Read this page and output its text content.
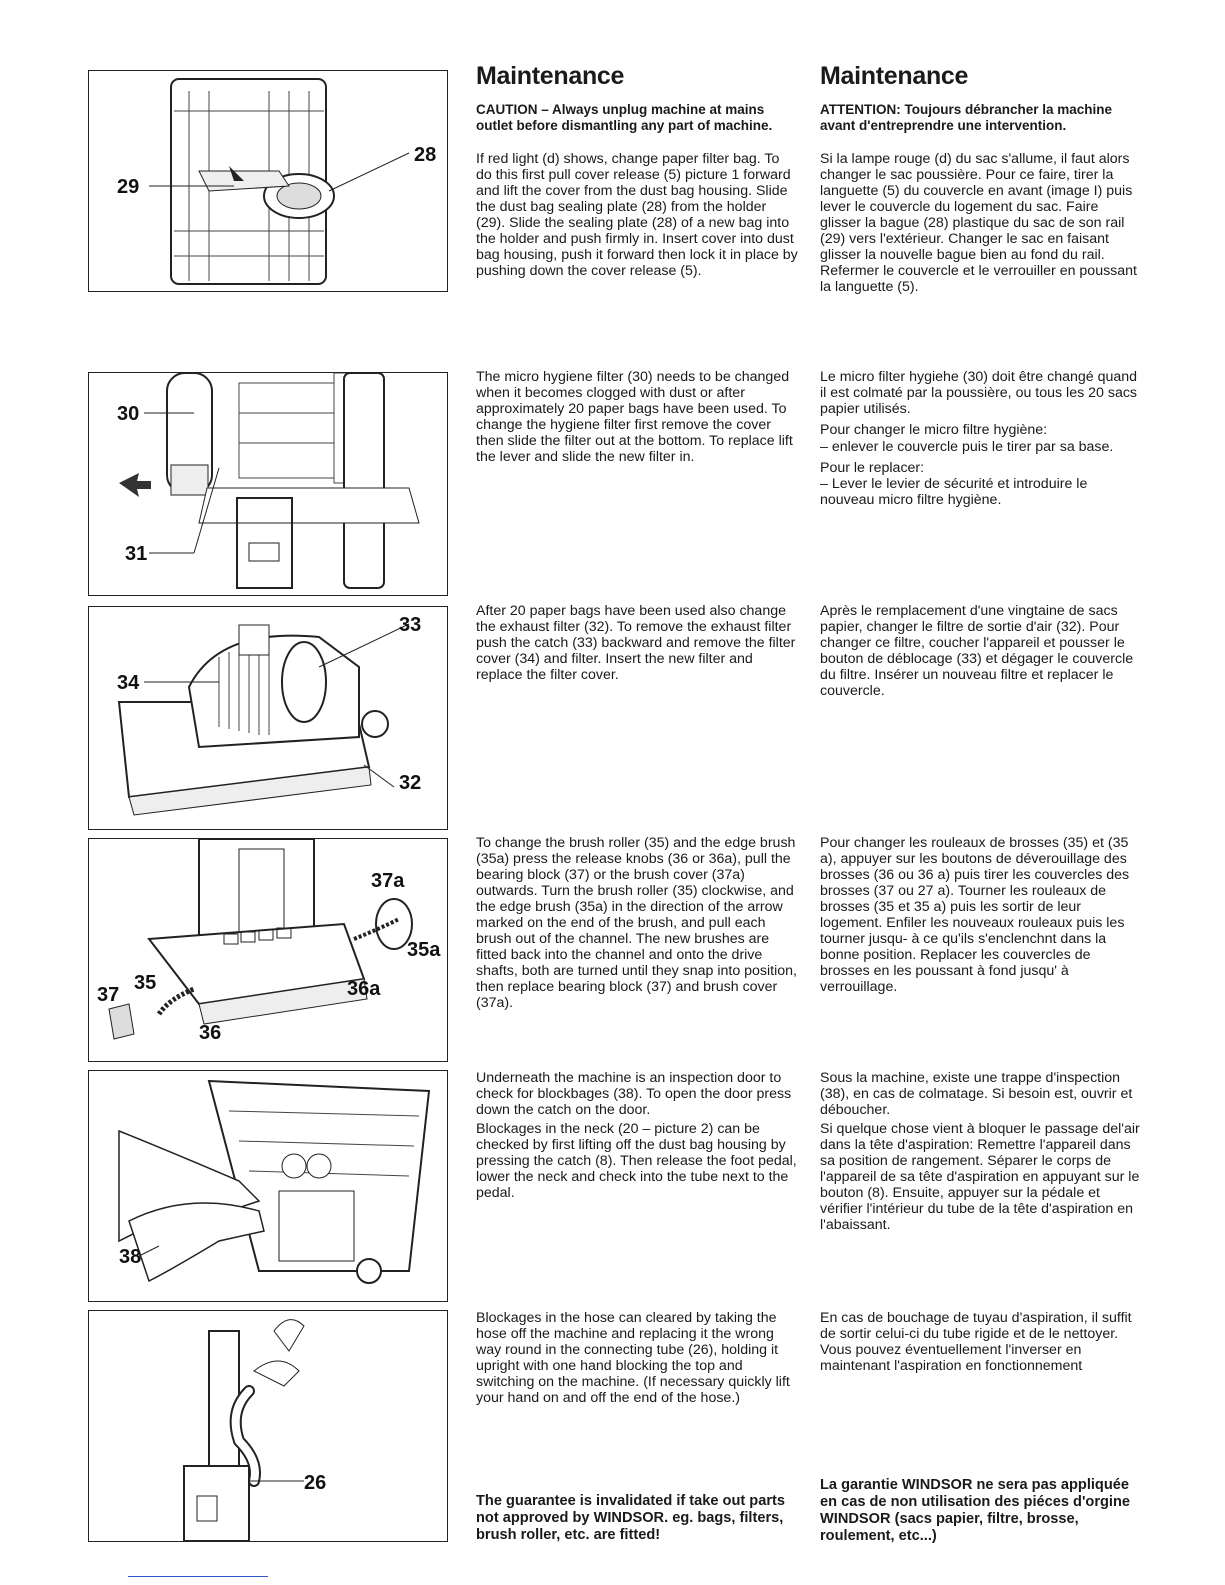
29
28
30
31
33
34
32
37a
35a
36a
37
35
36
38
26
Maintenance

CAUTION – Always unplug machine at mains outlet before dismantling any part of machine.

If red light (d) shows, change paper filter bag. To do this first pull cover release (5) picture 1 forward and lift the cover from the dust bag housing. Slide the dust bag sealing plate (28) from the holder (29). Slide the sealing plate (28) of a new bag into the holder and push firmly in. Insert cover into dust bag housing, push it forward then lock it in place by pushing down the cover release (5).

The micro hygiene filter (30) needs to be changed when it becomes clogged with dust or after approximately 20 paper bags have been used. To change the hygiene filter first remove the cover then slide the filter out at the bottom. To replace lift the lever and slide the new filter in.

After 20 paper bags have been used also change the exhaust filter (32). To remove the exhaust filter push the catch (33) backward and remove the filter cover (34) and filter. Insert the new filter and replace the filter cover.

To change the brush roller (35) and the edge brush (35a) press the release knobs (36 or 36a), pull the bearing block (37) or the brush cover (37a) outwards. Turn the brush roller (35) clockwise, and the edge brush (35a) in the direction of the arrow marked on the end of the brush, and pull each brush out of the channel. The new brushes are fitted back into the channel and onto the drive shafts, both are turned until they snap into position, then replace bearing block (37) and brush cover (37a).

Underneath the machine is an inspection door to check for blockbages (38). To open the door press down the catch on the door.

Blockages in the neck (20 – picture 2) can be checked by first lifting off the dust bag housing by pressing the catch (8). Then release the foot pedal, lower the neck and check into the tube next to the pedal.

Blockages in the hose can cleared by taking the hose off the machine and replacing it the wrong way round in the connecting tube (26), holding it upright with one hand blocking the top and switching on the machine. (If necessary quickly lift your hand on and off the end of the hose.)

The guarantee is invalidated if take out parts not approved by WINDSOR. eg. bags, filters, brush roller, etc. are fitted!

Maintenance

ATTENTION: Toujours débrancher la machine avant d'entreprendre une intervention.

Si la lampe rouge (d) du sac s'allume, il faut alors changer le sac poussière. Pour ce faire, tirer la languette (5) du couvercle en avant (image I) puis lever le couvercle du logement du sac. Faire glisser la bague (28) plastique du sac de son rail (29) vers l'extérieur. Changer le sac en faisant glisser la nouvelle bague bien au fond du rail. Refermer le couvercle et le verrouiller en poussant la languette (5).

Le micro filter hygiehe (30) doit être changé quand il est colmaté par la poussière, ou tous les 20 sacs papier utilisés.

Pour changer le micro filtre hygiène:

– enlever le couvercle puis le tirer par sa base.

Pour le replacer:

– Lever le levier de sécurité et introduire le nouveau micro filtre hygiène.

Après le remplacement d'une vingtaine de sacs papier, changer le filtre de sortie d'air (32). Pour changer ce filtre, coucher l'appareil et pousser le bouton de déblocage (33) et dégager le couvercle du filtre. Insérer un nouveau filtre et replacer le couvercle.

Pour changer les rouleaux de brosses (35) et (35 a), appuyer sur les boutons de déverouillage des brosses (36 ou 36 a) puis tirer les couvercles des brosses (37 ou 27 a). Tourner les rouleaux de brosses (35 et 35 a) puis les sortir de leur logement. Enfiler les nouveaux rouleaux puis les tourner jusqu- à ce qu'ils s'enclenchnt dans la bonne position. Replacer les couvercles de brosses en les poussant à fond jusqu' à verrouillage.

Sous la machine, existe une trappe d'inspection (38), en cas de colmatage. Si besoin est, ouvrir et déboucher.

Si quelque chose vient à bloquer le passage del'air dans la tête d'aspiration: Remettre l'appareil dans sa position de rangement. Séparer le corps de l'appareil de sa tête d'aspiration en appuyant sur le bouton (8). Ensuite, appuyer sur la pédale et vérifier l'intérieur du tube de la tête d'aspiration en l'abaissant.

En cas de bouchage de tuyau d'aspiration, il suffit de sortir celui-ci du tube rigide et de le nettoyer. Vous pouvez éventuellement l'inverser en maintenant l'aspiration en fonctionnement

La garantie WINDSOR ne sera pas appliquée en cas de non utilisation des piéces d'orgine WINDSOR (sacs papier, filtre, brosse, roulement, etc...)
